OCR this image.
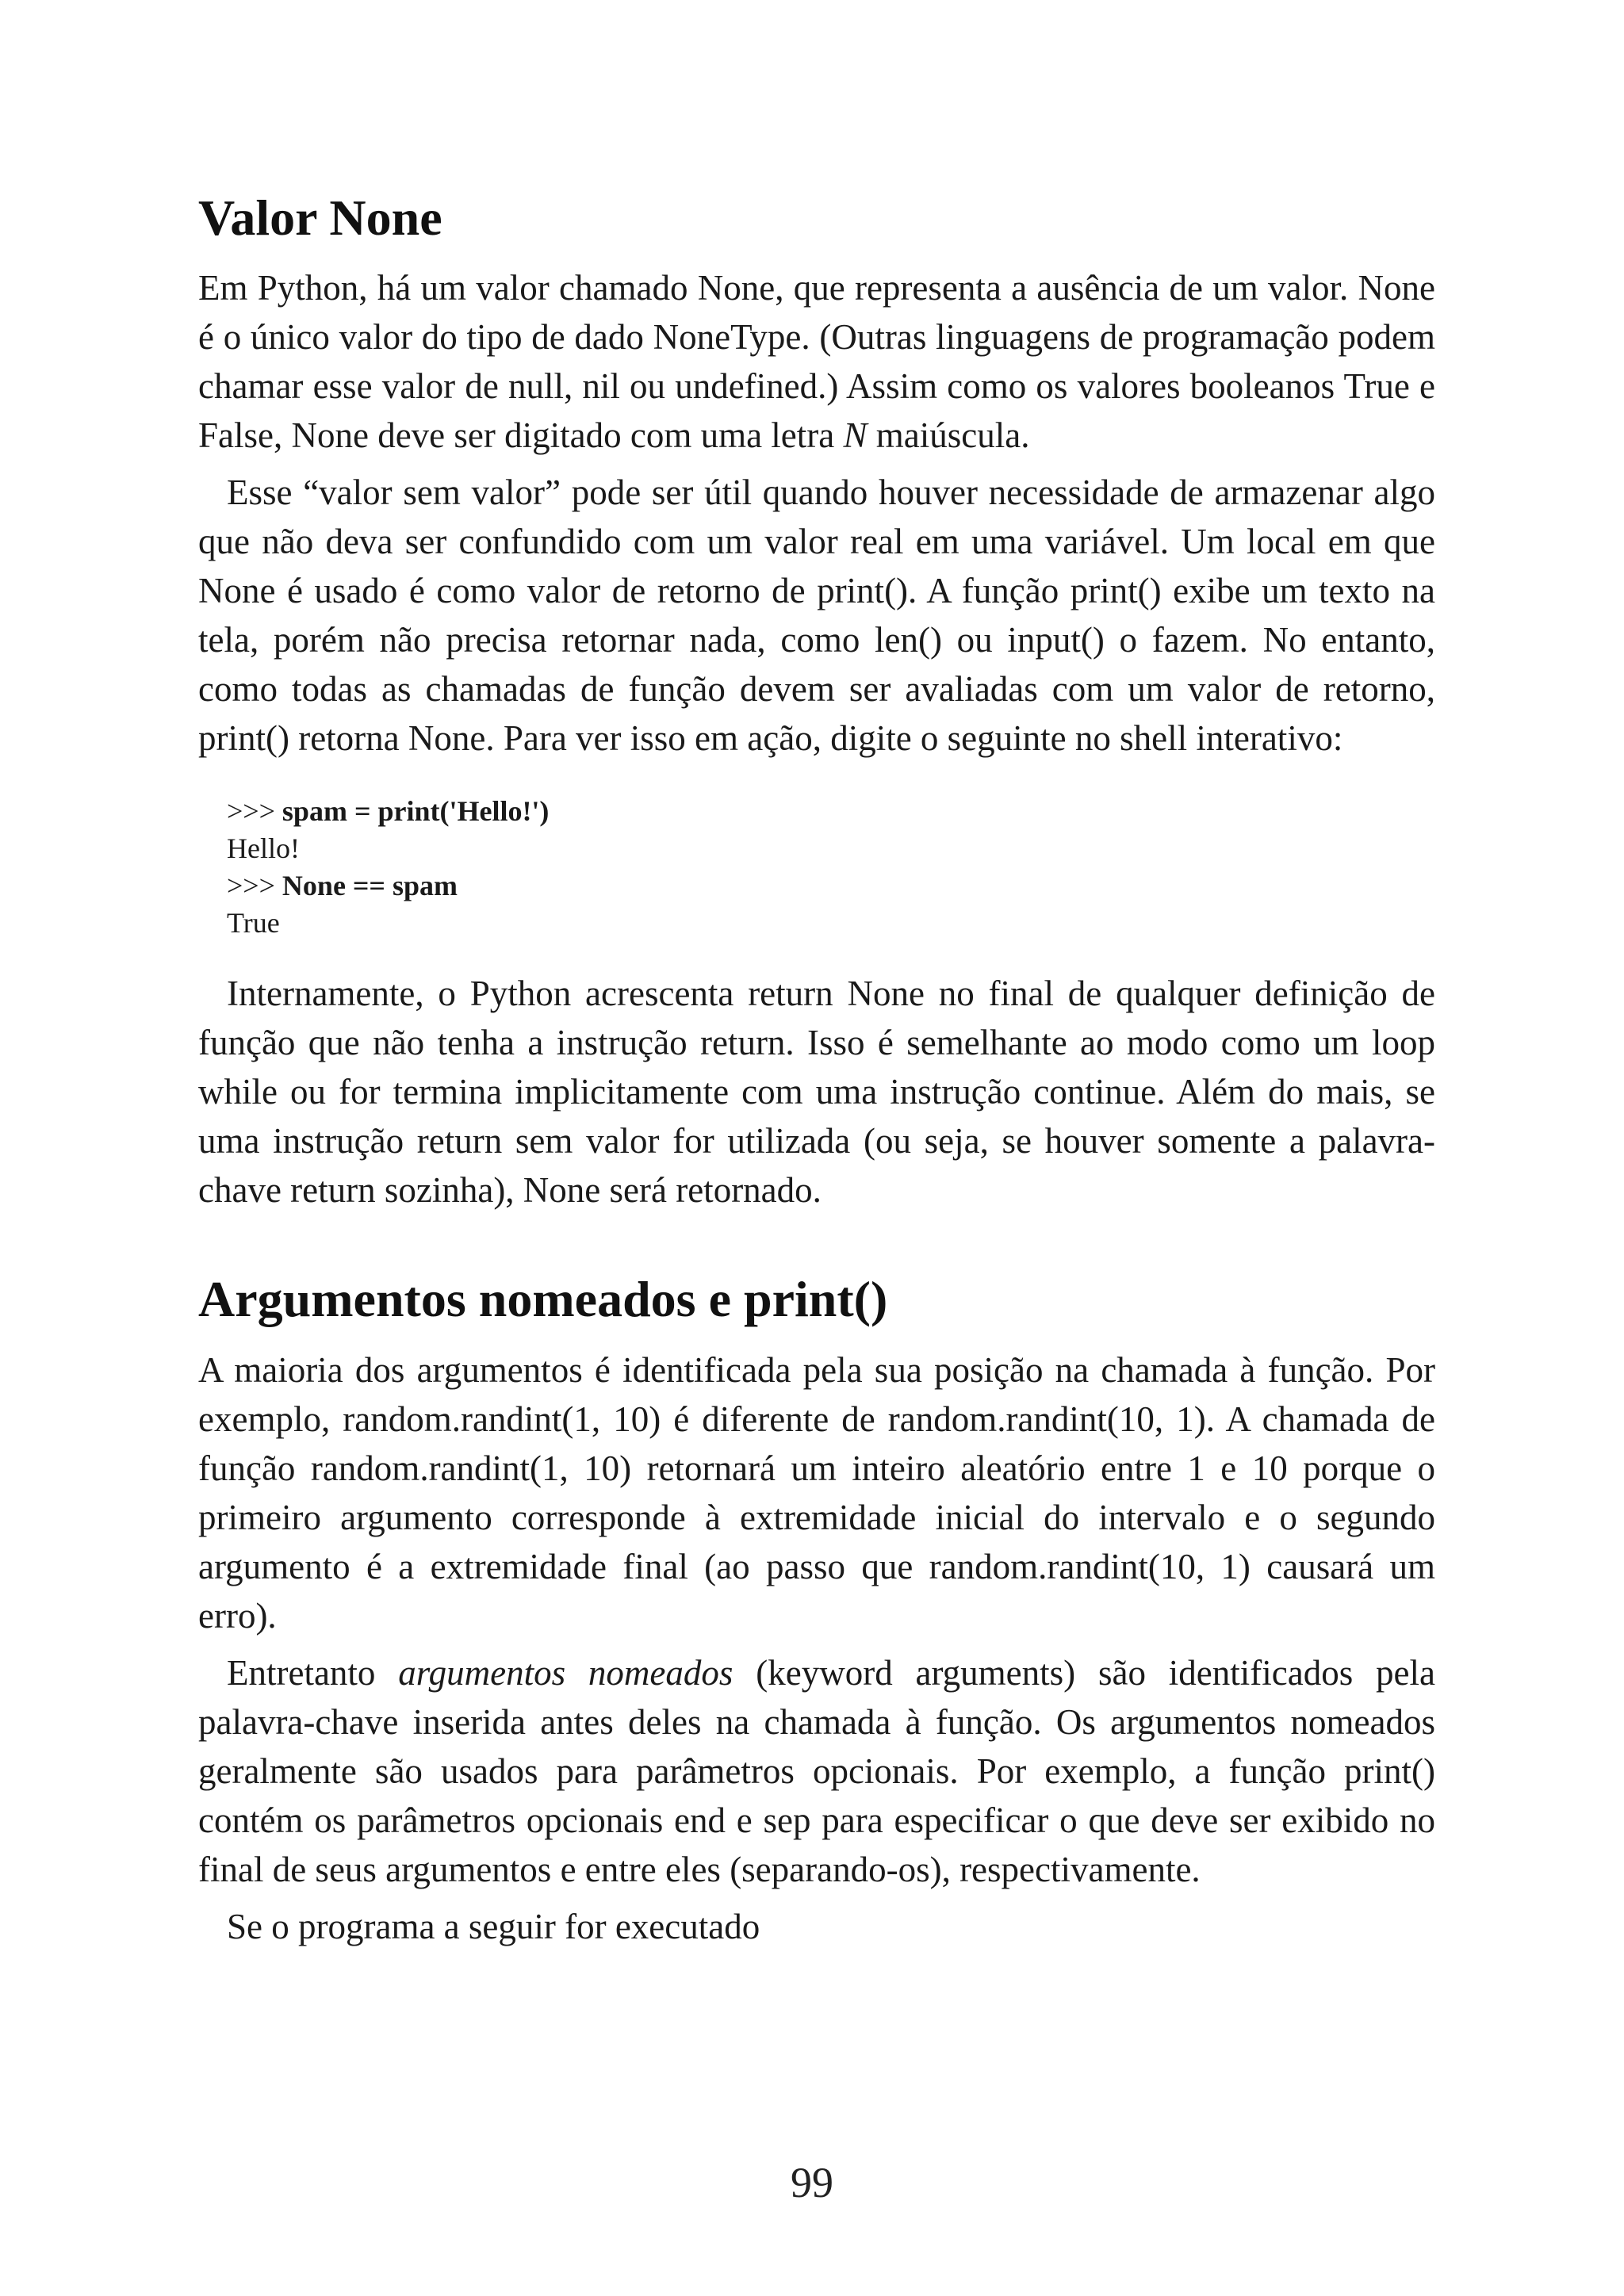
Valor None

Em Python, há um valor chamado None, que representa a ausência de um valor. None é o único valor do tipo de dado NoneType. (Outras linguagens de programação podem chamar esse valor de null, nil ou undefined.) Assim como os valores booleanos True e False, None deve ser digitado com uma letra N maiúscula.

Esse “valor sem valor” pode ser útil quando houver necessidade de armazenar algo que não deva ser confundido com um valor real em uma variável. Um local em que None é usado é como valor de retorno de print(). A função print() exibe um texto na tela, porém não precisa retornar nada, como len() ou input() o fazem. No entanto, como todas as chamadas de função devem ser avaliadas com um valor de retorno, print() retorna None. Para ver isso em ação, digite o seguinte no shell interativo:

>>> spam = print('Hello!')
Hello!
>>> None == spam
True

Internamente, o Python acrescenta return None no final de qualquer definição de função que não tenha a instrução return. Isso é semelhante ao modo como um loop while ou for termina implicitamente com uma instrução continue. Além do mais, se uma instrução return sem valor for utilizada (ou seja, se houver somente a palavra-chave return sozinha), None será retornado.

Argumentos nomeados e print()

A maioria dos argumentos é identificada pela sua posição na chamada à função. Por exemplo, random.randint(1, 10) é diferente de random.randint(10, 1). A chamada de função random.randint(1, 10) retornará um inteiro aleatório entre 1 e 10 porque o primeiro argumento corresponde à extremidade inicial do intervalo e o segundo argumento é a extremidade final (ao passo que random.randint(10, 1) causará um erro).

Entretanto argumentos nomeados (keyword arguments) são identificados pela palavra-chave inserida antes deles na chamada à função. Os argumentos nomeados geralmente são usados para parâmetros opcionais. Por exemplo, a função print() contém os parâmetros opcionais end e sep para especificar o que deve ser exibido no final de seus argumentos e entre eles (separando-os), respectivamente.

Se o programa a seguir for executado

99
